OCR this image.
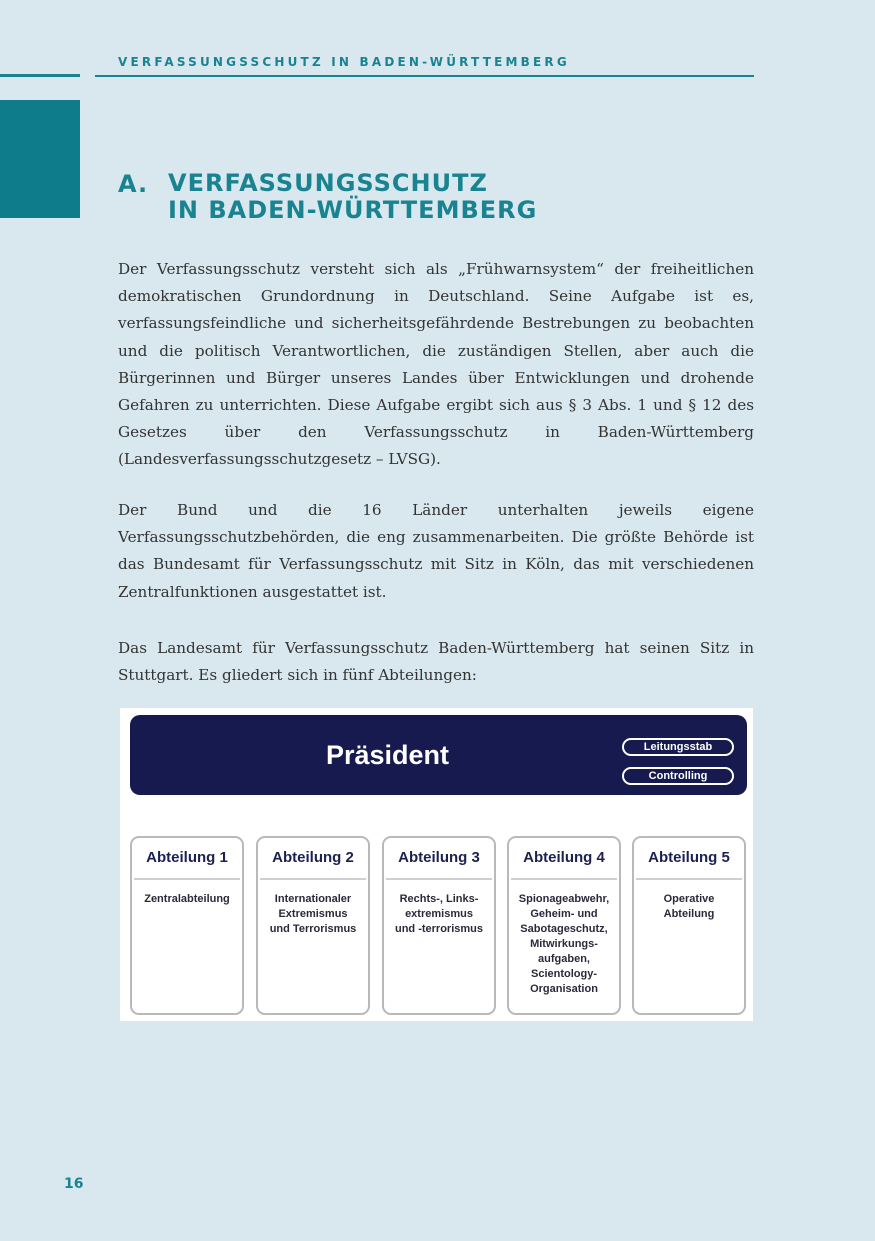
VERFASSUNGSSCHUTZ IN BADEN-WÜRTTEMBERG
A. VERFASSUNGSSCHUTZ
IN BADEN-WÜRTTEMBERG

Der Verfassungsschutz versteht sich als „Frühwarnsystem“ der freiheitlichen demokratischen Grundordnung in Deutschland. Seine Aufgabe ist es, verfassungsfeindliche und sicherheitsgefährdende Bestrebungen zu beobachten und die politisch Verantwortlichen, die zuständigen Stellen, aber auch die Bürgerinnen und Bürger unseres Landes über Entwicklungen und drohende Gefahren zu unterrichten. Diese Aufgabe ergibt sich aus § 3 Abs. 1 und § 12 des Gesetzes über den Verfassungsschutz in Baden-Württemberg (Landesverfassungsschutzgesetz – LVSG).

Der Bund und die 16 Länder unterhalten jeweils eigene Verfassungsschutzbehörden, die eng zusammenarbeiten. Die größte Behörde ist das Bundesamt für Verfassungsschutz mit Sitz in Köln, das mit verschiedenen Zentralfunktionen ausgestattet ist.

Das Landesamt für Verfassungsschutz Baden-Württemberg hat seinen Sitz in Stuttgart. Es gliedert sich in fünf Abteilungen:

Präsident	Leitungsstab
Controlling
Abteilung 1
Zentralabteilung
Abteilung 2
Internationaler
Extremismus
und Terrorismus
Abteilung 3
Rechts-, Links-
extremismus
und -terrorismus
Abteilung 4
Spionageabwehr,
Geheim- und
Sabotageschutz,
Mitwirkungs-
aufgaben,
Scientology-
Organisation
Abteilung 5
Operative
Abteilung
16
